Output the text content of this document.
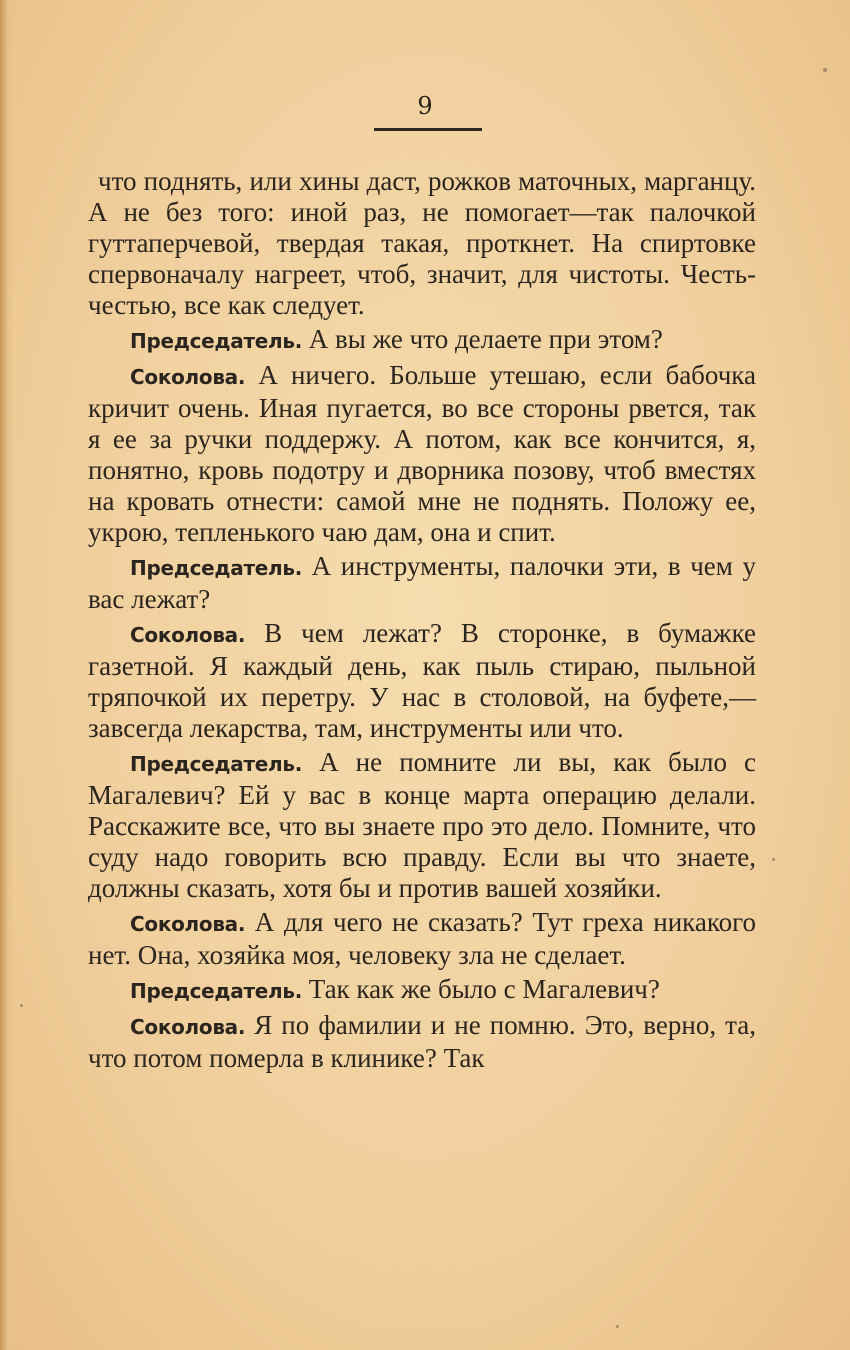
9

что поднять, или хины даст, рожков маточных, марганцу. А не без того: иной раз, не помогает—так палочкой гуттаперчевой, твердая такая, проткнет. На спиртовке спервоначалу нагреет, чтоб, значит, для чистоты. Честь-честью, все как следует.

Председатель. А вы же что делаете при этом?

Соколова. А ничего. Больше утешаю, если бабочка кричит очень. Иная пугается, во все стороны рвется, так я ее за ручки поддержу. А потом, как все кончится, я, понятно, кровь подотру и дворника позову, чтоб вместях на кровать отнести: самой мне не поднять. Положу ее, укрою, тепленького чаю дам, она и спит.

Председатель. А инструменты, палочки эти, в чем у вас лежат?

Соколова. В чем лежат? В сторонке, в бумажке газетной. Я каждый день, как пыль стираю, пыльной тряпочкой их перетру. У нас в столовой, на буфете,—завсегда лекарства, там, инструменты или что.

Председатель. А не помните ли вы, как было с Магалевич? Ей у вас в конце марта операцию делали. Расскажите все, что вы знаете про это дело. Помните, что суду надо говорить всю правду. Если вы что знаете, должны сказать, хотя бы и против вашей хозяйки.

Соколова. А для чего не сказать? Тут греха никакого нет. Она, хозяйка моя, человеку зла не сделает.

Председатель. Так как же было с Магалевич?

Соколова. Я по фамилии и не помню. Это, верно, та, что потом померла в клинике? Так
